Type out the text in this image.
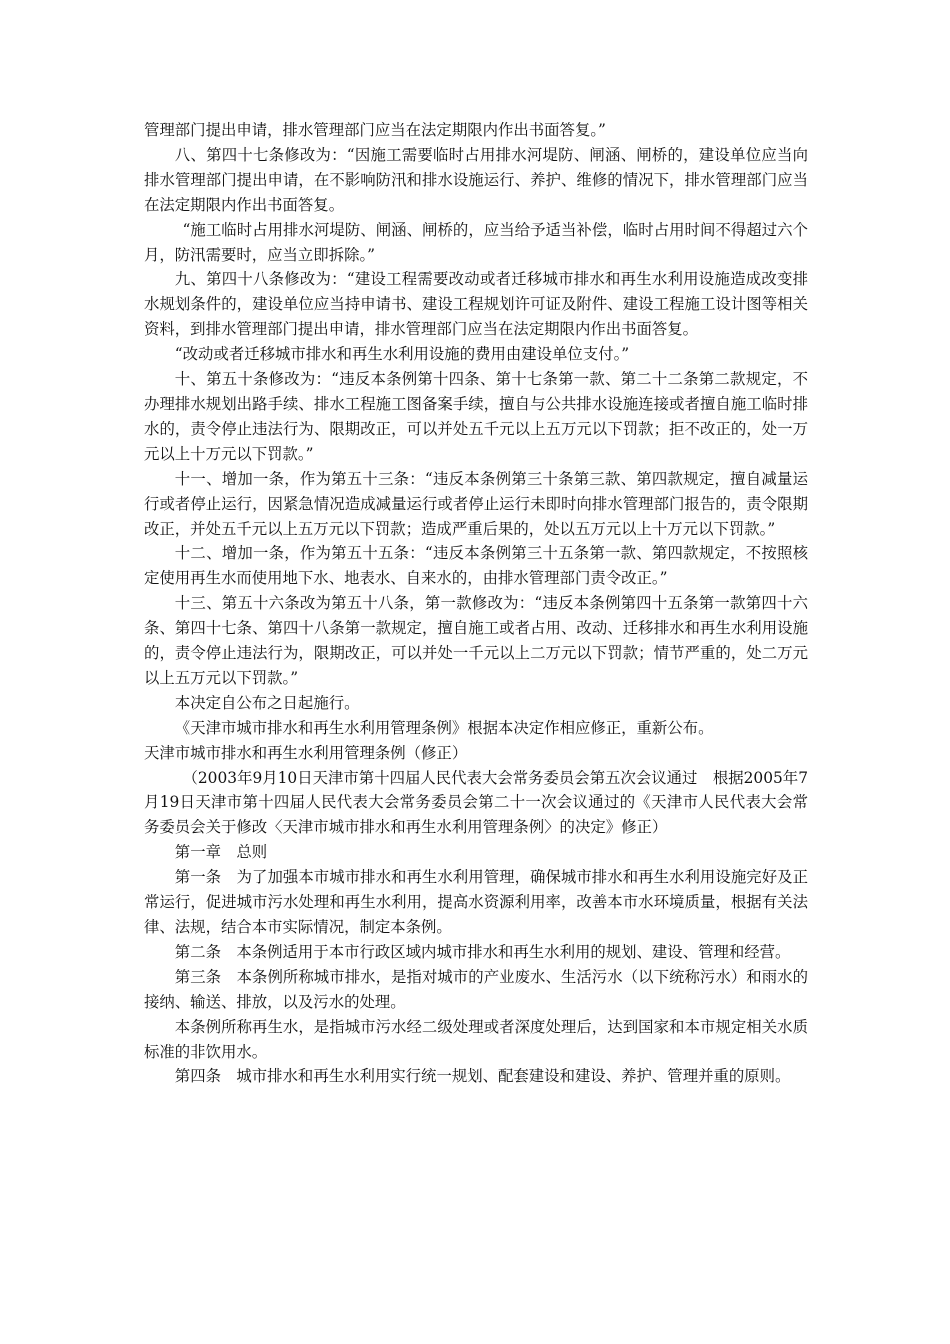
管理部门提出申请，排水管理部门应当在法定期限内作出书面答复。”

八、第四十七条修改为：“因施工需要临时占用排水河堤防、闸涵、闸桥的，建设单位应当向排水管理部门提出申请，在不影响防汛和排水设施运行、养护、维修的情况下，排水管理部门应当在法定期限内作出书面答复。

“施工临时占用排水河堤防、闸涵、闸桥的，应当给予适当补偿，临时占用时间不得超过六个月，防汛需要时，应当立即拆除。”

九、第四十八条修改为：“建设工程需要改动或者迁移城市排水和再生水利用设施造成改变排水规划条件的，建设单位应当持申请书、建设工程规划许可证及附件、建设工程施工设计图等相关资料，到排水管理部门提出申请，排水管理部门应当在法定期限内作出书面答复。

“改动或者迁移城市排水和再生水利用设施的费用由建设单位支付。”

十、第五十条修改为：“违反本条例第十四条、第十七条第一款、第二十二条第二款规定，不办理排水规划出路手续、排水工程施工图备案手续，擅自与公共排水设施连接或者擅自施工临时排水的，责令停止违法行为、限期改正，可以并处五千元以上五万元以下罚款；拒不改正的，处一万元以上十万元以下罚款。”

十一、增加一条，作为第五十三条：“违反本条例第三十条第三款、第四款规定，擅自减量运行或者停止运行，因紧急情况造成减量运行或者停止运行未即时向排水管理部门报告的，责令限期改正，并处五千元以上五万元以下罚款；造成严重后果的，处以五万元以上十万元以下罚款。”

十二、增加一条，作为第五十五条：“违反本条例第三十五条第一款、第四款规定，不按照核定使用再生水而使用地下水、地表水、自来水的，由排水管理部门责令改正。”

十三、第五十六条改为第五十八条，第一款修改为：“违反本条例第四十五条第一款第四十六条、第四十七条、第四十八条第一款规定，擅自施工或者占用、改动、迁移排水和再生水利用设施的，责令停止违法行为，限期改正，可以并处一千元以上二万元以下罚款；情节严重的，处二万元以上五万元以下罚款。”

本决定自公布之日起施行。

《天津市城市排水和再生水利用管理条例》根据本决定作相应修正，重新公布。

天津市城市排水和再生水利用管理条例（修正）

（2003年9月10日天津市第十四届人民代表大会常务委员会第五次会议通过　根据2005年7月19日天津市第十四届人民代表大会常务委员会第二十一次会议通过的《天津市人民代表大会常务委员会关于修改〈天津市城市排水和再生水利用管理条例〉的决定》修正）

第一章　总则

第一条　为了加强本市城市排水和再生水利用管理，确保城市排水和再生水利用设施完好及正常运行，促进城市污水处理和再生水利用，提高水资源利用率，改善本市水环境质量，根据有关法律、法规，结合本市实际情况，制定本条例。

第二条　本条例适用于本市行政区域内城市排水和再生水利用的规划、建设、管理和经营。

第三条　本条例所称城市排水，是指对城市的产业废水、生活污水（以下统称污水）和雨水的接纳、输送、排放，以及污水的处理。

本条例所称再生水，是指城市污水经二级处理或者深度处理后，达到国家和本市规定相关水质标准的非饮用水。

第四条　城市排水和再生水利用实行统一规划、配套建设和建设、养护、管理并重的原则。
